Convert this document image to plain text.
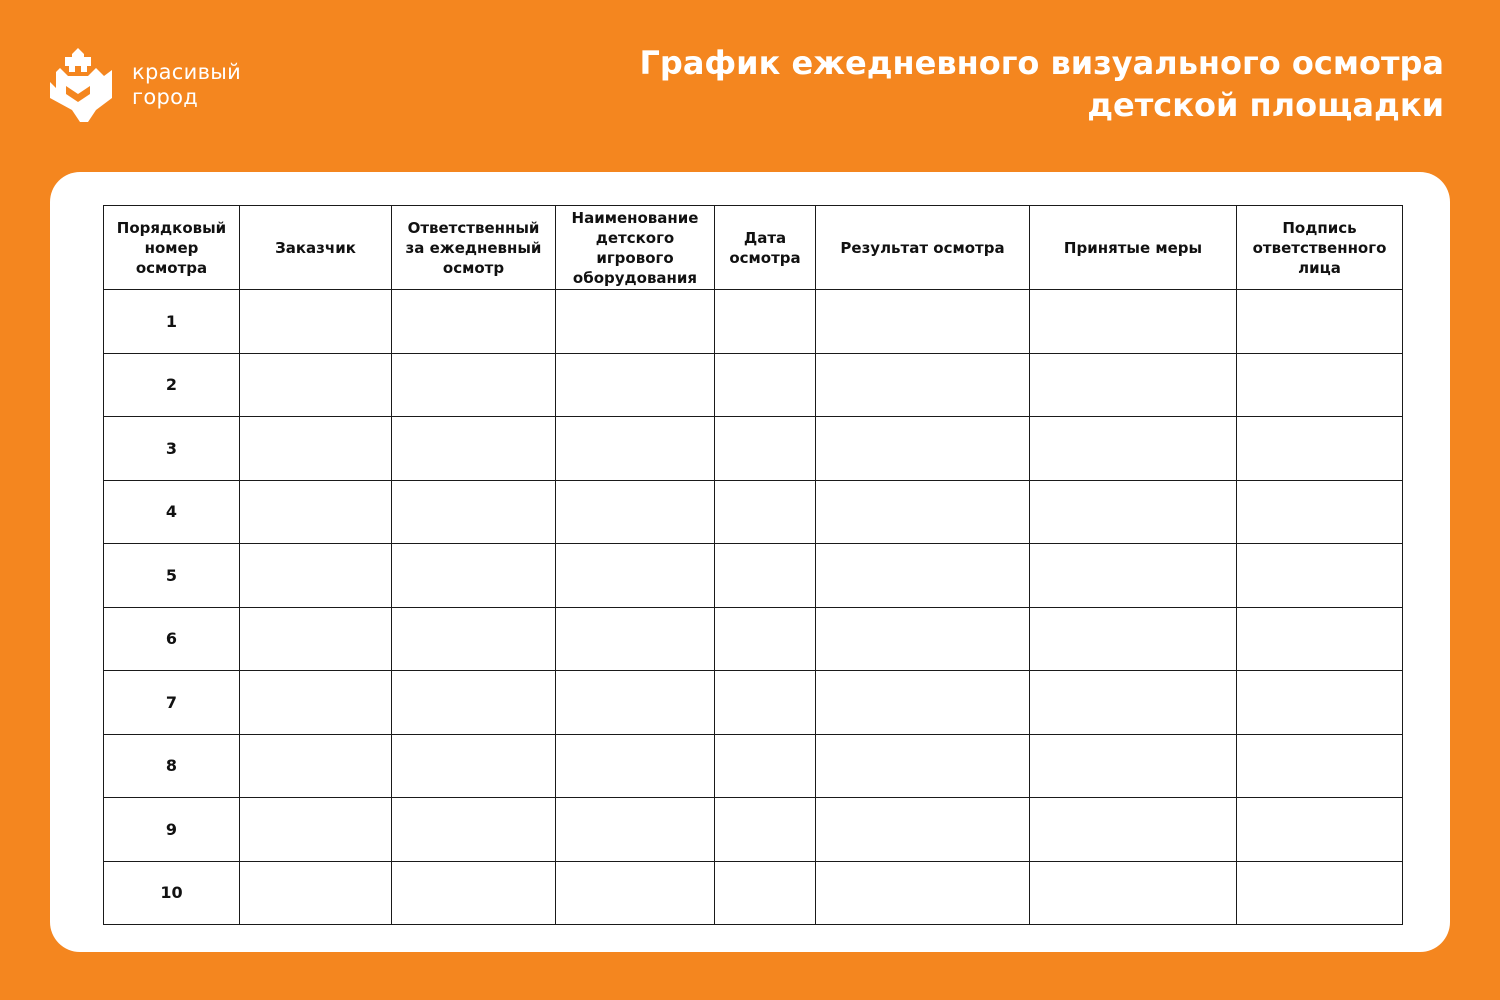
красивый
город
График ежедневного визуального осмотра
детской площадки
Порядковый номер осмотра	Заказчик	Ответственный за ежедневный осмотр	Наименование детского игрового оборудования	Дата осмотра	Результат осмотра	Принятые меры	Подпись ответственного лица
1							
2							
3							
4							
5							
6							
7							
8							
9							
10							
